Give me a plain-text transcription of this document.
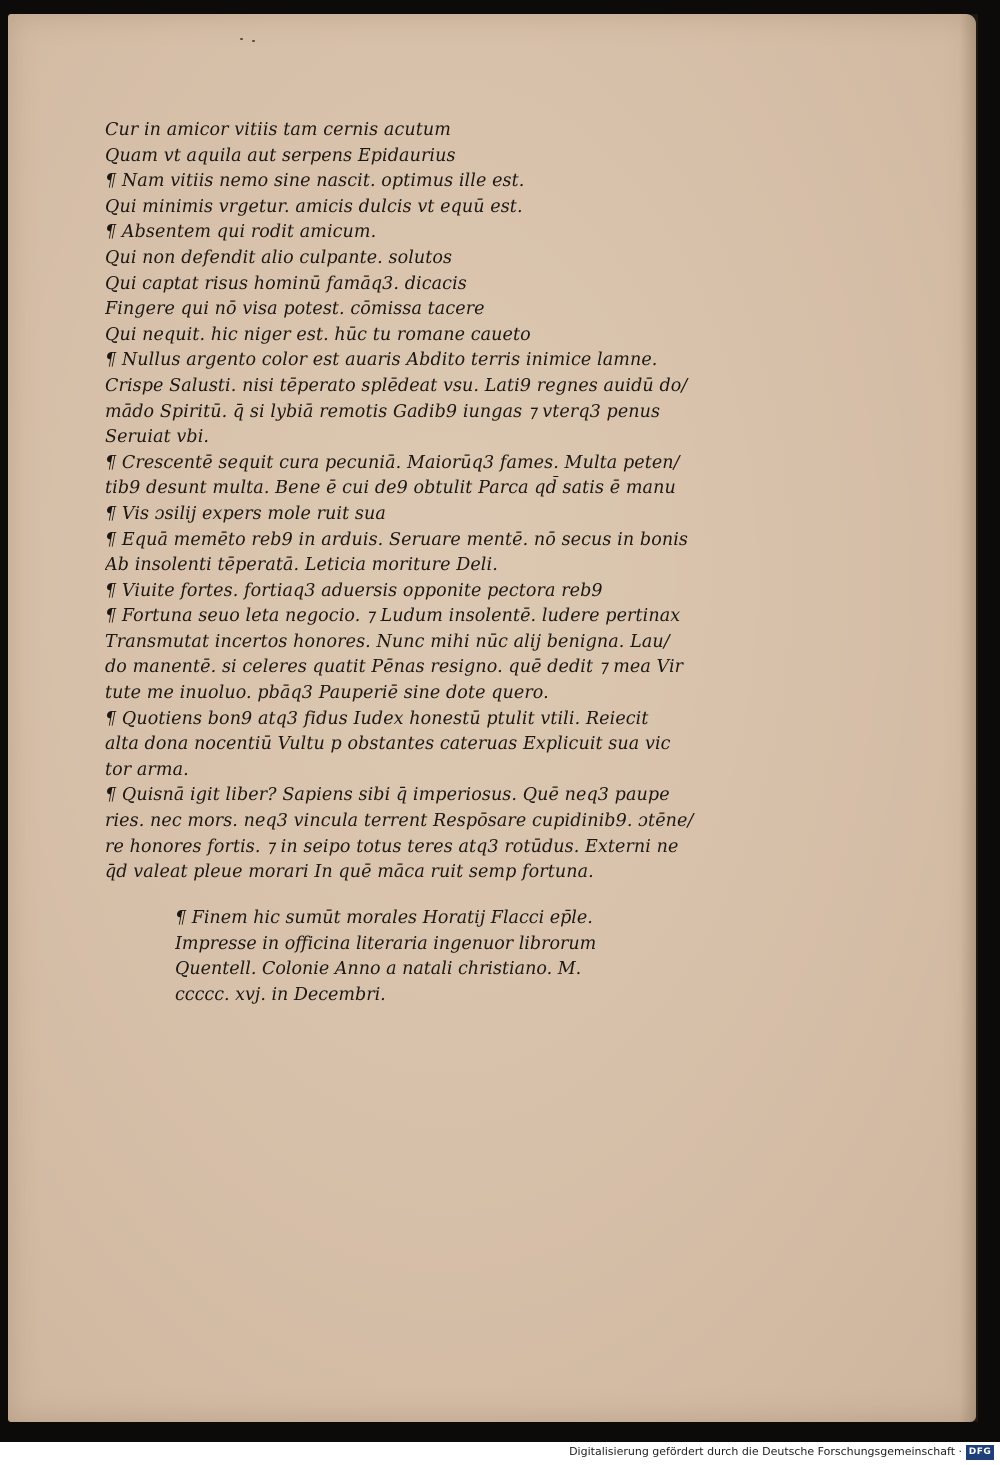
Cur in amicor vitiis tam cernis acutum
Quam vt aquila aut serpens Epidaurius
¶ Nam vitiis nemo sine nascit. optimus ille est.
Qui minimis vrgetur. amicis dulcis vt equū est.
¶ Absentem qui rodit amicum.
Qui non defendit alio culpante. solutos
Qui captat risus hominū famāq3. dicacis
Fingere qui nō visa potest. cōmissa tacere
Qui nequit. hic niger est. hūc tu romane caueto
¶ Nullus argento color est auaris Abdito terris inimice lamne.
Crispe Salusti. nisi tēperato splēdeat vsu. Lati9 regnes auidū do/
mādo Spiritū. q̄ si lybiā remotis Gadib9 iungas ⁊ vterq3 penus
Seruiat vbi.
¶ Crescentē sequit cura pecuniā. Maiorūq3 fames. Multa peten/
tib9 desunt multa. Bene ē cui de9 obtulit Parca qd̄ satis ē manu
¶ Vis ɔsilij expers mole ruit sua
¶ Equā memēto reb9 in arduis. Seruare mentē. nō secus in bonis
Ab insolenti tēperatā. Leticia moriture Deli.
¶ Viuite fortes. fortiaq3 aduersis opponite pectora reb9
¶ Fortuna seuo leta negocio. ⁊ Ludum insolentē. ludere pertinax
Transmutat incertos honores. Nunc mihi nūc alij benigna. Lau/
do manentē. si celeres quatit Pēnas resigno. quē dedit ⁊ mea Vir
tute me inuoluo. pbāq3 Pauperiē sine dote quero.
¶ Quotiens bon9 atq3 fidus Iudex honestū ptulit vtili. Reiecit
alta dona nocentiū Vultu p obstantes cateruas Explicuit sua vic
tor arma.
¶ Quisnā igit liber? Sapiens sibi q̄ imperiosus. Quē neq3 paupe
ries. nec mors. neq3 vincula terrent Respōsare cupidinib9. ɔtēne/
re honores fortis. ⁊ in seipo totus teres atq3 rotūdus. Externi ne
q̄d valeat pleue morari In quē māca ruit semp fortuna.
¶ Finem hic sumūt morales Horatij Flacci ep̄le.
Impresse in officina literaria ingenuor librorum
Quentell. Colonie Anno a natali christiano. M.
ccccc. xvj. in Decembri.
Digitalisierung gefördert durch die Deutsche Forschungsgemeinschaft · DFG
